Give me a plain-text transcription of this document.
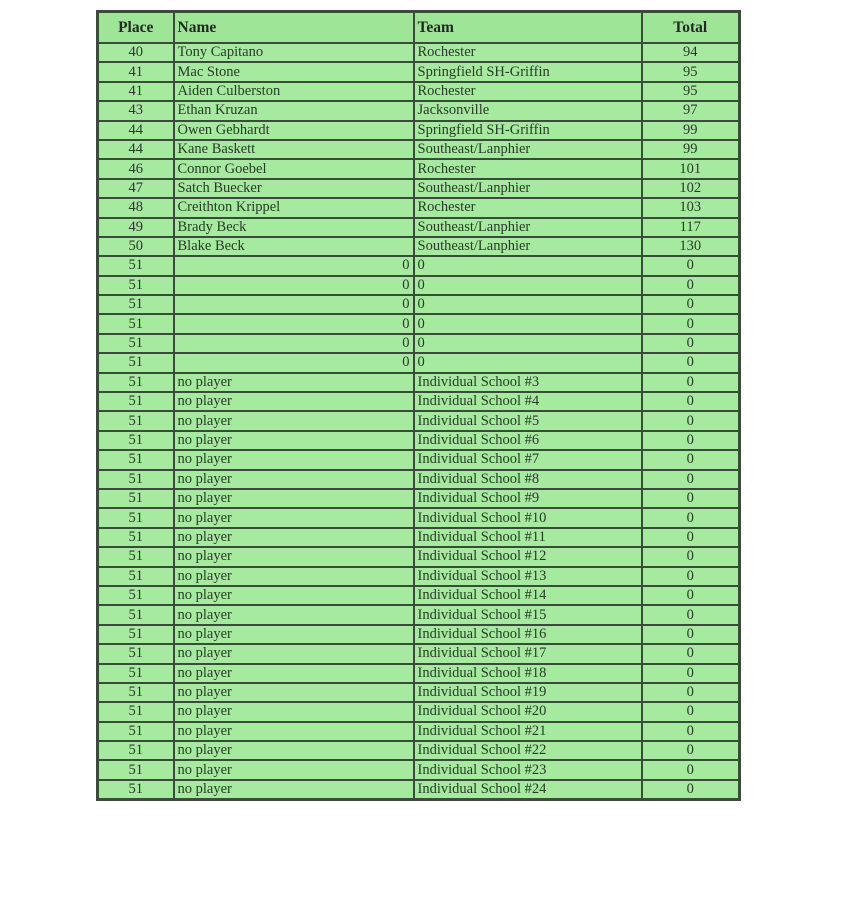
Place	Name	Team	Total
40	Tony Capitano	Rochester	94
41	Mac Stone	Springfield SH-Griffin	95
41	Aiden Culberston	Rochester	95
43	Ethan Kruzan	Jacksonville	97
44	Owen Gebhardt	Springfield SH-Griffin	99
44	Kane Baskett	Southeast/Lanphier	99
46	Connor Goebel	Rochester	101
47	Satch Buecker	Southeast/Lanphier	102
48	Creithton Krippel	Rochester	103
49	Brady Beck	Southeast/Lanphier	117
50	Blake Beck	Southeast/Lanphier	130
51	0	0	0
51	0	0	0
51	0	0	0
51	0	0	0
51	0	0	0
51	0	0	0
51	no player	Individual School #3	0
51	no player	Individual School #4	0
51	no player	Individual School #5	0
51	no player	Individual School #6	0
51	no player	Individual School #7	0
51	no player	Individual School #8	0
51	no player	Individual School #9	0
51	no player	Individual School #10	0
51	no player	Individual School #11	0
51	no player	Individual School #12	0
51	no player	Individual School #13	0
51	no player	Individual School #14	0
51	no player	Individual School #15	0
51	no player	Individual School #16	0
51	no player	Individual School #17	0
51	no player	Individual School #18	0
51	no player	Individual School #19	0
51	no player	Individual School #20	0
51	no player	Individual School #21	0
51	no player	Individual School #22	0
51	no player	Individual School #23	0
51	no player	Individual School #24	0
